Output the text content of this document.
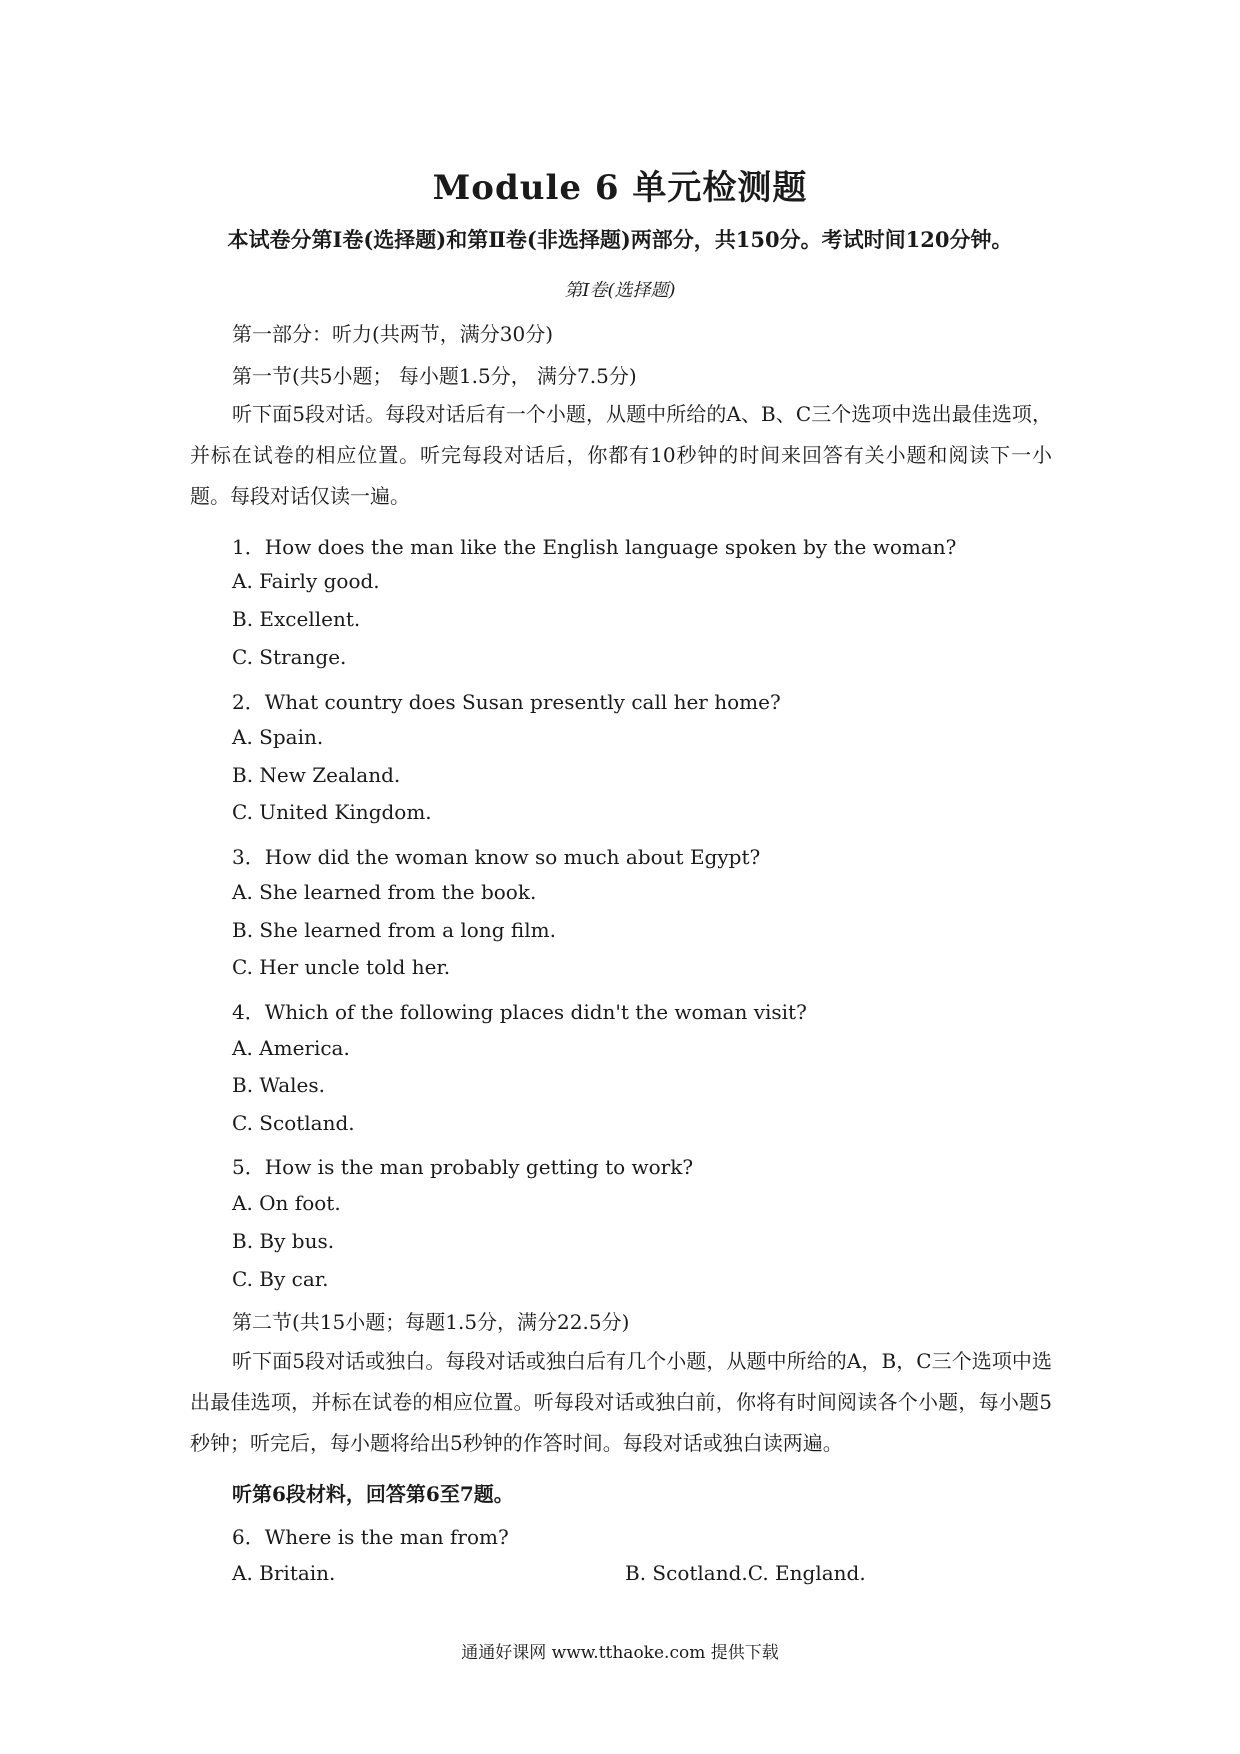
Module 6 单元检测题
本试卷分第Ⅰ卷(选择题)和第Ⅱ卷(非选择题)两部分，共150分。考试时间120分钟。
第Ⅰ卷(选择题)
第一部分：听力(共两节，满分30分)
第一节(共5小题； 每小题1.5分， 满分7.5分)

听下面5段对话。每段对话后有一个小题，从题中所给的A、B、C三个选项中选出最佳选项，并标在试卷的相应位置。听完每段对话后，你都有10秒钟的时间来回答有关小题和阅读下一小题。每段对话仅读一遍。

1．How does the man like the English language spoken by the woman?
A. Fairly good.
B. Excellent.
C. Strange.
2．What country does Susan presently call her home?
A. Spain.
B. New Zealand.
C. United Kingdom.
3．How did the woman know so much about Egypt?
A. She learned from the book.
B. She learned from a long film.
C. Her uncle told her.
4．Which of the following places didn't the woman visit?
A. America.
B. Wales.
C. Scotland.
5．How is the man probably getting to work?
A. On foot.
B. By bus.
C. By car.
第二节(共15小题；每题1.5分，满分22.5分)

听下面5段对话或独白。每段对话或独白后有几个小题，从题中所给的A，B，C三个选项中选出最佳选项，并标在试卷的相应位置。听每段对话或独白前，你将有时间阅读各个小题，每小题5秒钟；听完后，每小题将给出5秒钟的作答时间。每段对话或独白读两遍。

听第6段材料，回答第6至7题。
6．Where is the man from?
A. Britain.	B. Scotland.C. England.
通通好课网 www.tthaoke.com 提供下载
